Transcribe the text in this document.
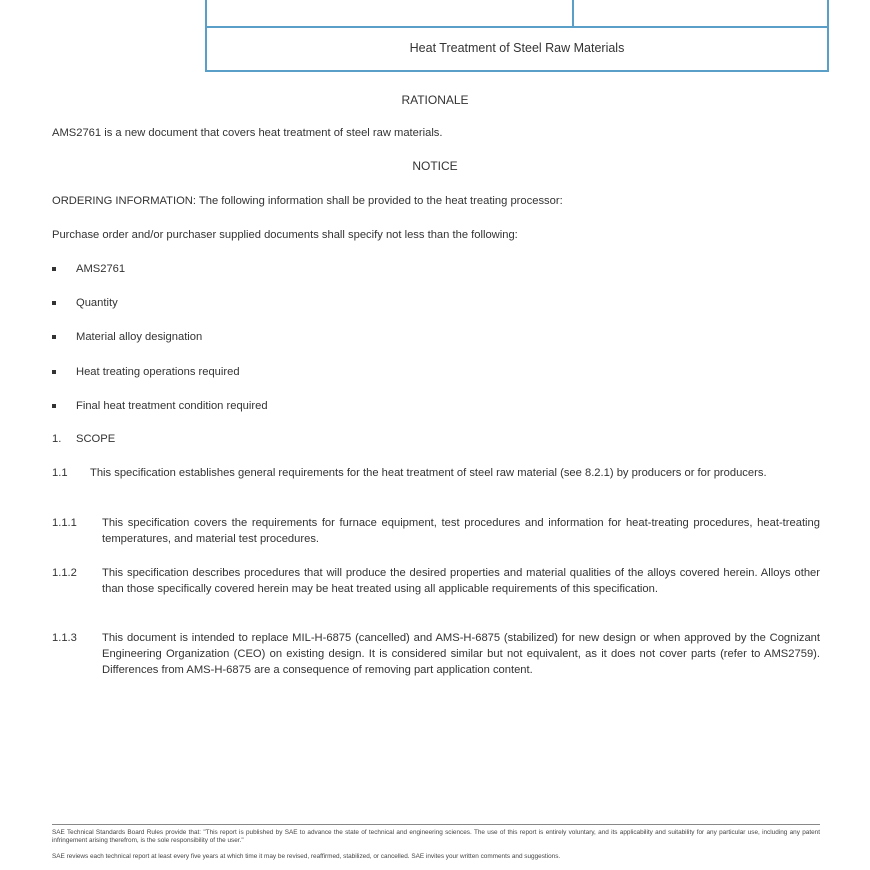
Heat Treatment of Steel Raw Materials
RATIONALE
AMS2761 is a new document that covers heat treatment of steel raw materials.
NOTICE
ORDERING INFORMATION: The following information shall be provided to the heat treating processor:
Purchase order and/or purchaser supplied documents shall specify not less than the following:
AMS2761
Quantity
Material alloy designation
Heat treating operations required
Final heat treatment condition required
1. SCOPE
1.1 This specification establishes general requirements for the heat treatment of steel raw material (see 8.2.1) by producers or for producers.
1.1.1 This specification covers the requirements for furnace equipment, test procedures and information for heat-treating procedures, heat-treating temperatures, and material test procedures.
1.1.2 This specification describes procedures that will produce the desired properties and material qualities of the alloys covered herein. Alloys other than those specifically covered herein may be heat treated using all applicable requirements of this specification.
1.1.3 This document is intended to replace MIL-H-6875 (cancelled) and AMS-H-6875 (stabilized) for new design or when approved by the Cognizant Engineering Organization (CEO) on existing design. It is considered similar but not equivalent, as it does not cover parts (refer to AMS2759). Differences from AMS-H-6875 are a consequence of removing part application content.
SAE Technical Standards Board Rules provide that: "This report is published by SAE to advance the state of technical and engineering sciences. The use of this report is entirely voluntary, and its applicability and suitability for any particular use, including any patent infringement arising therefrom, is the sole responsibility of the user."
SAE reviews each technical report at least every five years at which time it may be revised, reaffirmed, stabilized, or cancelled. SAE invites your written comments and suggestions.
